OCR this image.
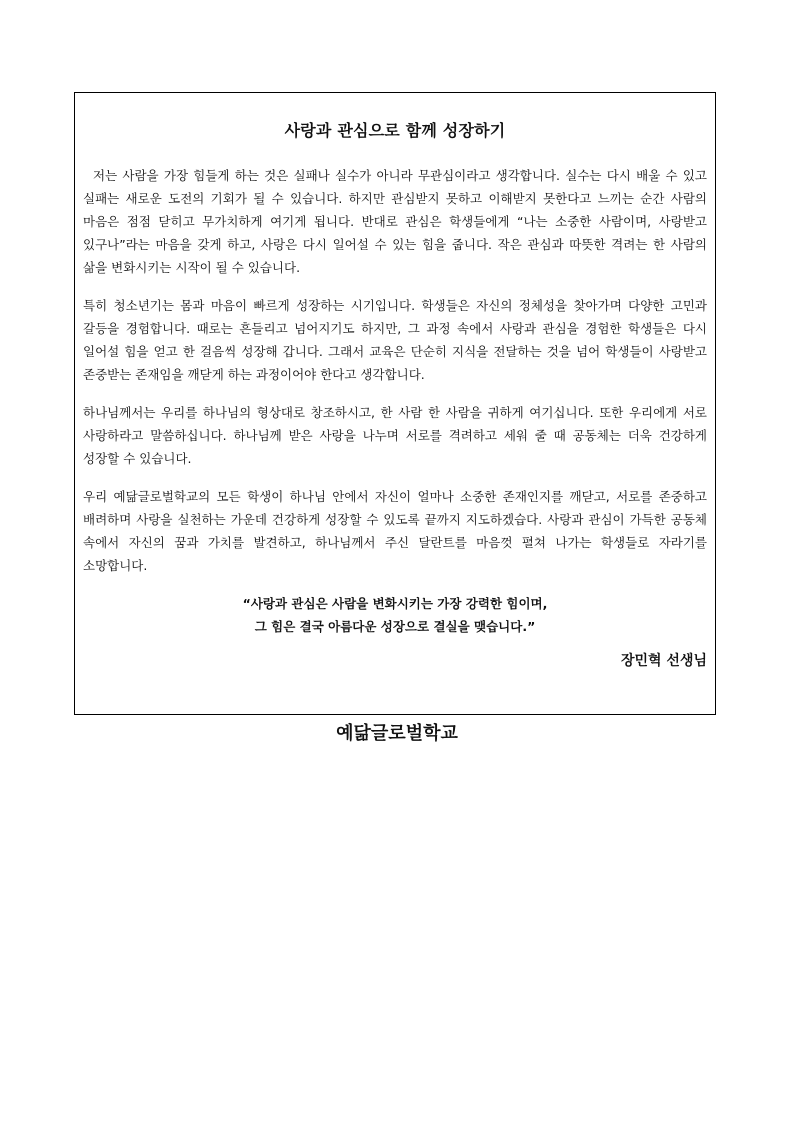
사랑과 관심으로 함께 성장하기

저는 사람을 가장 힘들게 하는 것은 실패나 실수가 아니라 무관심이라고 생각합니다. 실수는 다시 배울 수 있고 실패는 새로운 도전의 기회가 될 수 있습니다. 하지만 관심받지 못하고 이해받지 못한다고 느끼는 순간 사람의 마음은 점점 닫히고 무가치하게 여기게 됩니다. 반대로 관심은 학생들에게 “나는 소중한 사람이며, 사랑받고 있구나”라는 마음을 갖게 하고, 사랑은 다시 일어설 수 있는 힘을 줍니다. 작은 관심과 따뜻한 격려는 한 사람의 삶을 변화시키는 시작이 될 수 있습니다.

특히 청소년기는 몸과 마음이 빠르게 성장하는 시기입니다. 학생들은 자신의 정체성을 찾아가며 다양한 고민과 갈등을 경험합니다. 때로는 흔들리고 넘어지기도 하지만, 그 과정 속에서 사랑과 관심을 경험한 학생들은 다시 일어설 힘을 얻고 한 걸음씩 성장해 갑니다. 그래서 교육은 단순히 지식을 전달하는 것을 넘어 학생들이 사랑받고 존중받는 존재임을 깨닫게 하는 과정이어야 한다고 생각합니다.

하나님께서는 우리를 하나님의 형상대로 창조하시고, 한 사람 한 사람을 귀하게 여기십니다. 또한 우리에게 서로 사랑하라고 말씀하십니다. 하나님께 받은 사랑을 나누며 서로를 격려하고 세워 줄 때 공동체는 더욱 건강하게 성장할 수 있습니다.

우리 예닮글로벌학교의 모든 학생이 하나님 안에서 자신이 얼마나 소중한 존재인지를 깨닫고, 서로를 존중하고 배려하며 사랑을 실천하는 가운데 건강하게 성장할 수 있도록 끝까지 지도하겠습다. 사랑과 관심이 가득한 공동체 속에서 자신의 꿈과 가치를 발견하고, 하나님께서 주신 달란트를 마음껏 펼쳐 나가는 학생들로 자라기를 소망합니다.

“사랑과 관심은 사람을 변화시키는 가장 강력한 힘이며,
그 힘은 결국 아름다운 성장으로 결실을 맺습니다.”
장민혁 선생님
예닮글로벌학교
